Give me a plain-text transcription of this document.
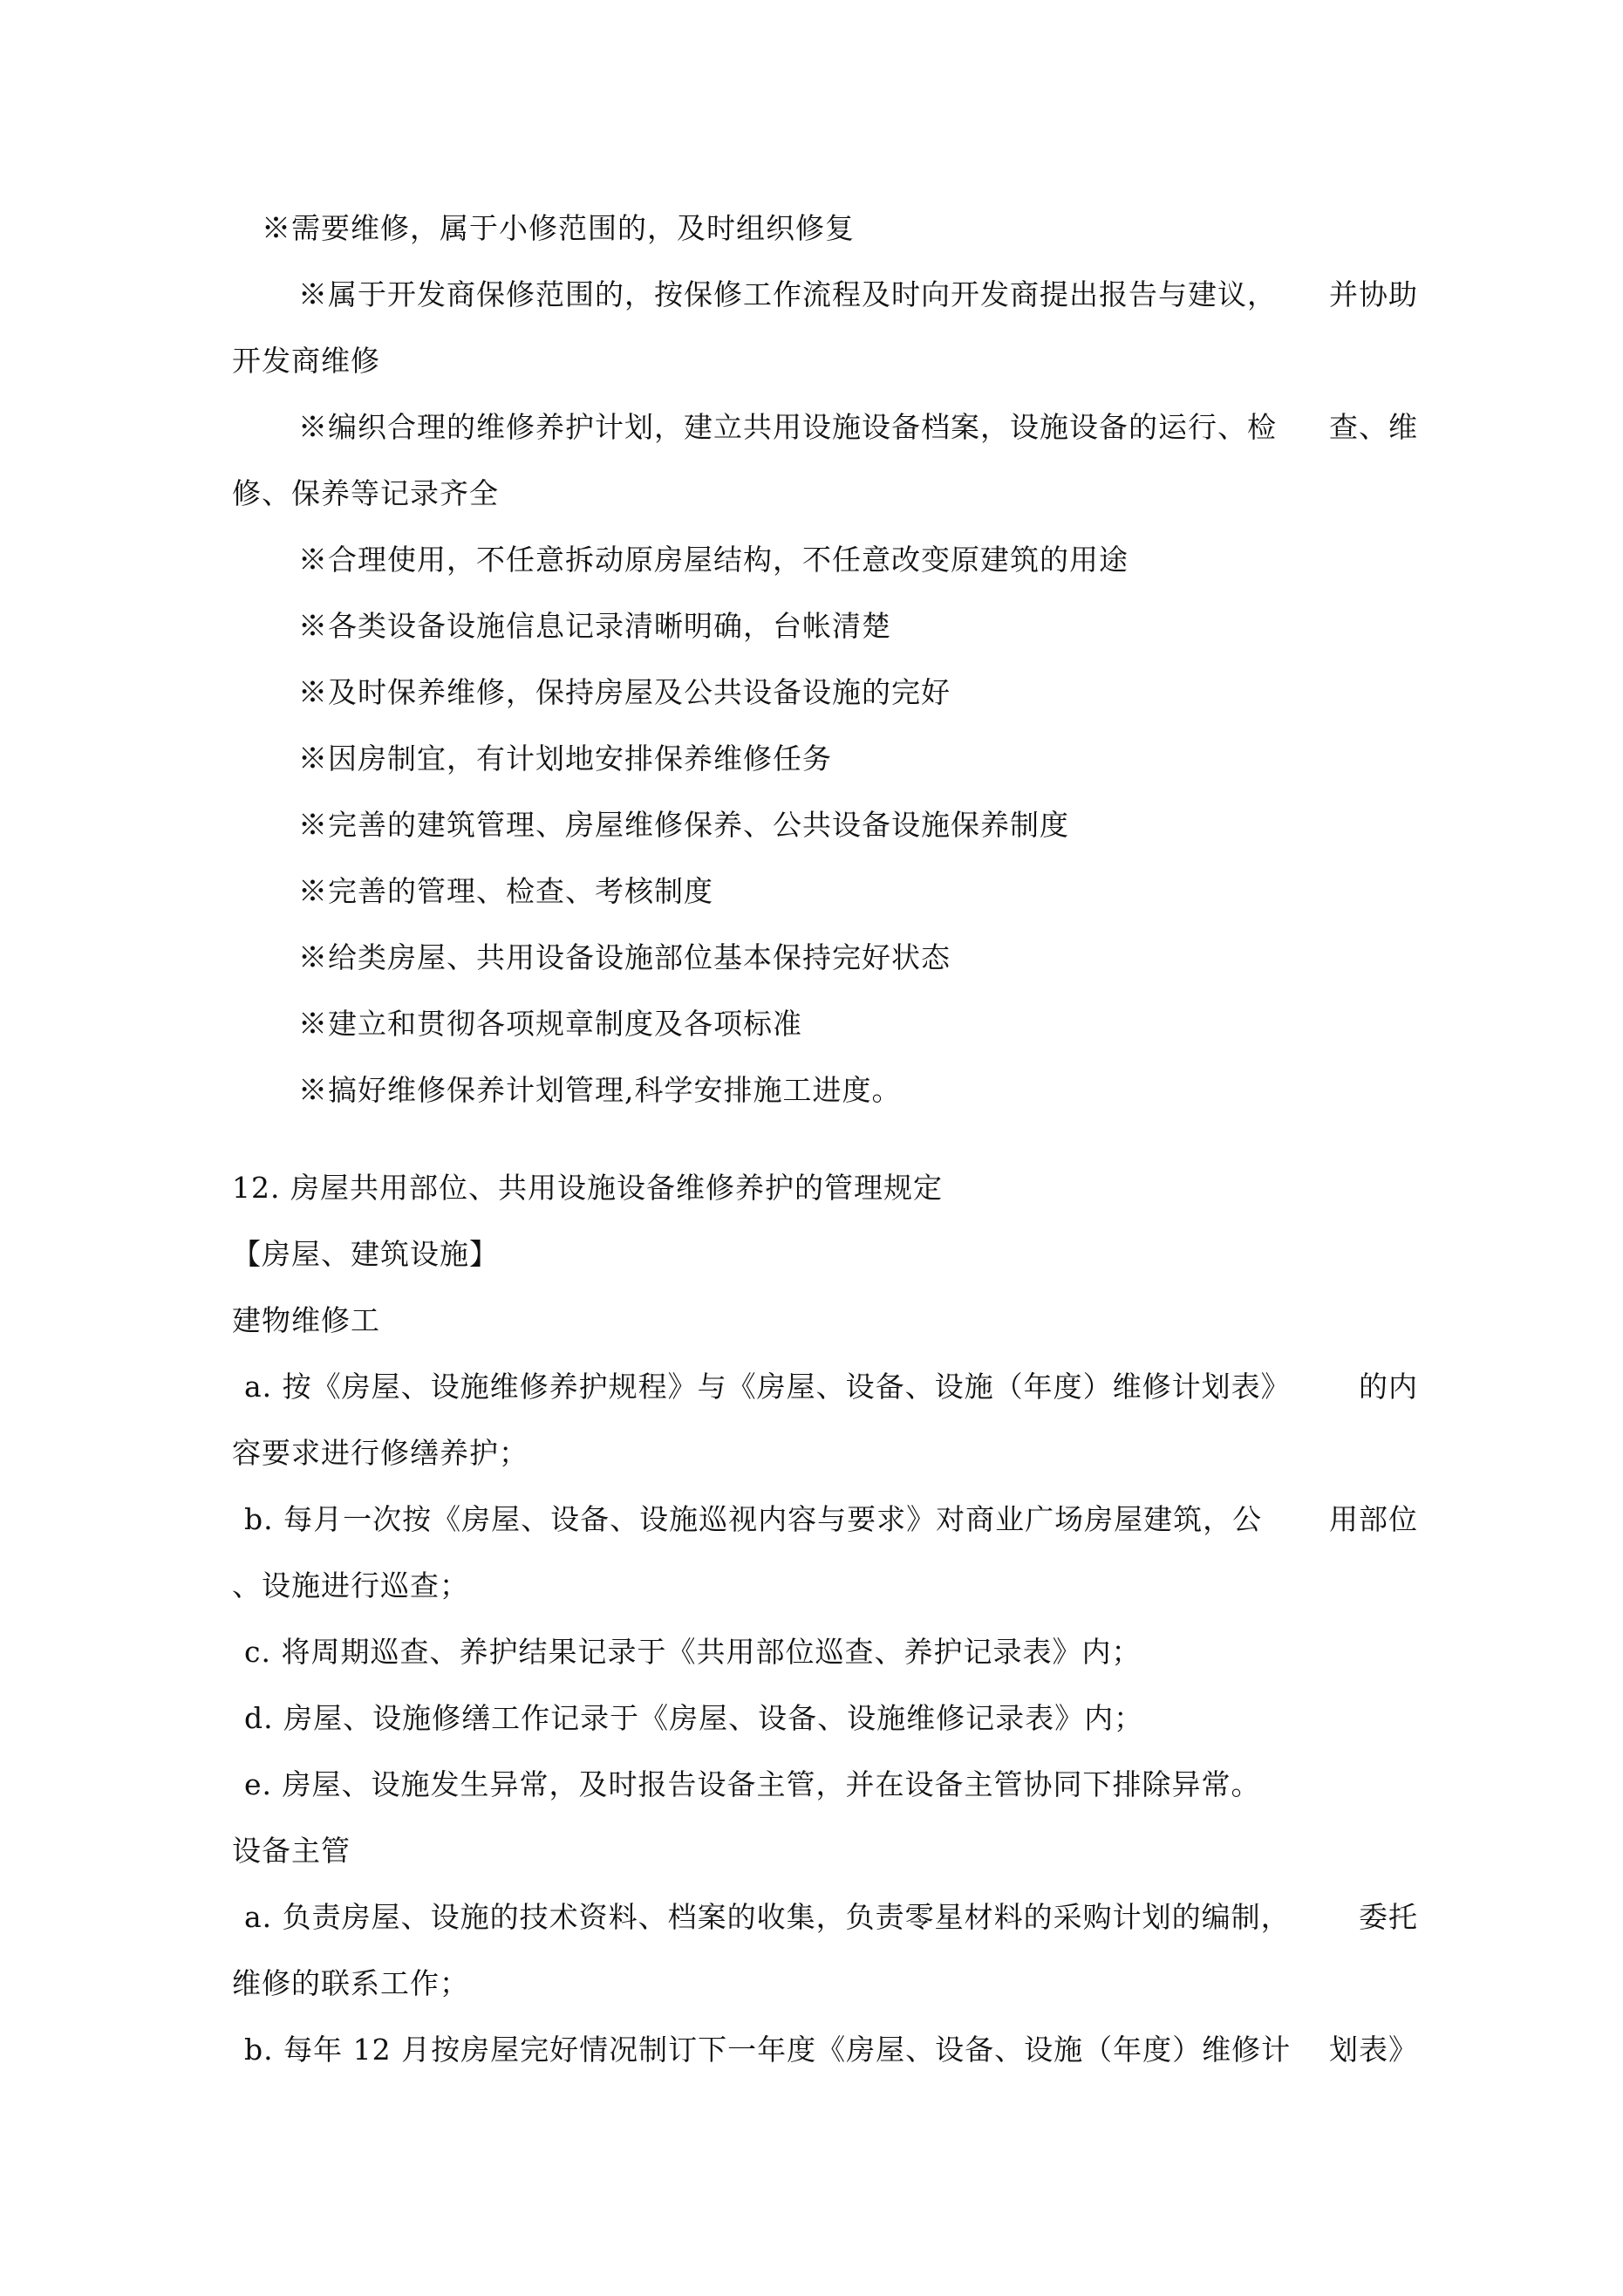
※需要维修，属于小修范围的，及时组织修复

※属于开发商保修范围的，按保修工作流程及时向开发商提出报告与建议， 并协助

开发商维修

※编织合理的维修养护计划，建立共用设施设备档案，设施设备的运行、检 查、维

修、保养等记录齐全

※合理使用，不任意拆动原房屋结构，不任意改变原建筑的用途

※各类设备设施信息记录清晰明确，台帐清楚

※及时保养维修，保持房屋及公共设备设施的完好

※因房制宜，有计划地安排保养维修任务

※完善的建筑管理、房屋维修保养、公共设备设施保养制度

※完善的管理、检查、考核制度

※给类房屋、共用设备设施部位基本保持完好状态

※建立和贯彻各项规章制度及各项标准

※搞好维修保养计划管理,科学安排施工进度。

12. 房屋共用部位、共用设施设备维修养护的管理规定

【房屋、建筑设施】

建物维修工

a. 按《房屋、设施维修养护规程》与《房屋、设备、设施（年度）维修计划表》 的内

容要求进行修缮养护；

b. 每月一次按《房屋、设备、设施巡视内容与要求》对商业广场房屋建筑，公 用部位

、设施进行巡查；

c. 将周期巡查、养护结果记录于《共用部位巡查、养护记录表》内；

d. 房屋、设施修缮工作记录于《房屋、设备、设施维修记录表》内；

e. 房屋、设施发生异常，及时报告设备主管，并在设备主管协同下排除异常。

设备主管

a. 负责房屋、设施的技术资料、档案的收集，负责零星材料的采购计划的编制， 委托

维修的联系工作；

b. 每年 12 月按房屋完好情况制订下一年度《房屋、设备、设施（年度）维修计 划表》
